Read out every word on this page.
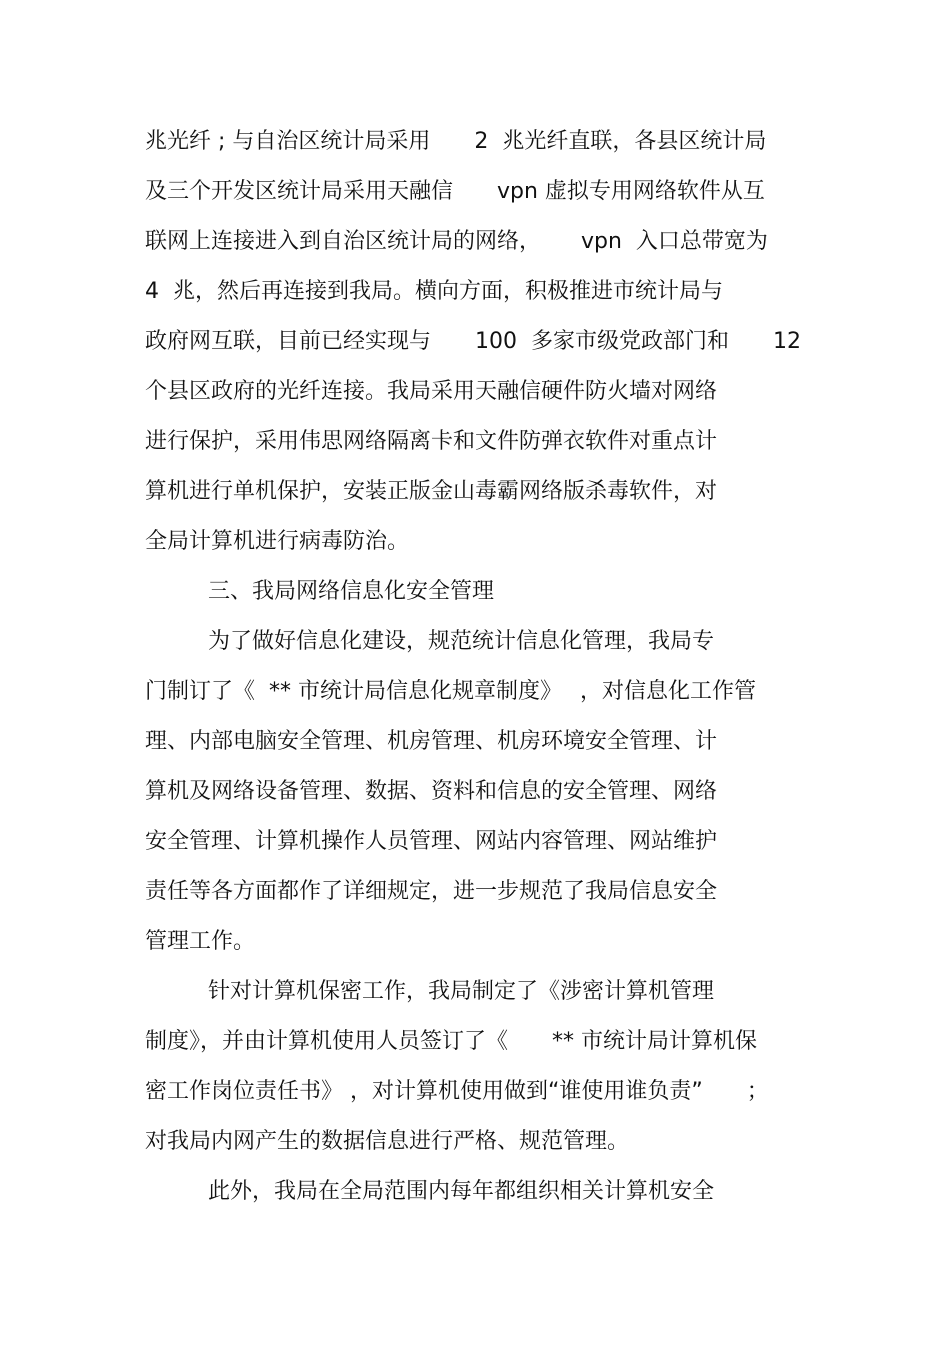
兆光纤 ; 与自治区统计局采用　　2  兆光纤直联，各县区统计局
及三个开发区统计局采用天融信　　vpn 虚拟专用网络软件从互
联网上连接进入到自治区统计局的网络，　　 vpn  入口总带宽为
4  兆，然后再连接到我局。横向方面，积极推进市统计局与
政府网互联，目前已经实现与　　100  多家市级党政部门和　　12
个县区政府的光纤连接。我局采用天融信硬件防火墙对网络
进行保护，采用伟思网络隔离卡和文件防弹衣软件对重点计
算机进行单机保护，安装正版金山毒霸网络版杀毒软件，对
全局计算机进行病毒防治。
三、我局网络信息化安全管理
为了做好信息化建设，规范统计信息化管理，我局专
门制订了《  ** 市统计局信息化规章制度》　 ，对信息化工作管
理、内部电脑安全管理、机房管理、机房环境安全管理、计
算机及网络设备管理、数据、资料和信息的安全管理、网络
安全管理、计算机操作人员管理、网站内容管理、网站维护
责任等各方面都作了详细规定，进一步规范了我局信息安全
管理工作。
针对计算机保密工作，我局制定了《涉密计算机管理
制度》，并由计算机使用人员签订了《　　** 市统计局计算机保
密工作岗位责任书》 ，对计算机使用做到“谁使用谁负责”　　；
对我局内网产生的数据信息进行严格、规范管理。
此外，我局在全局范围内每年都组织相关计算机安全
